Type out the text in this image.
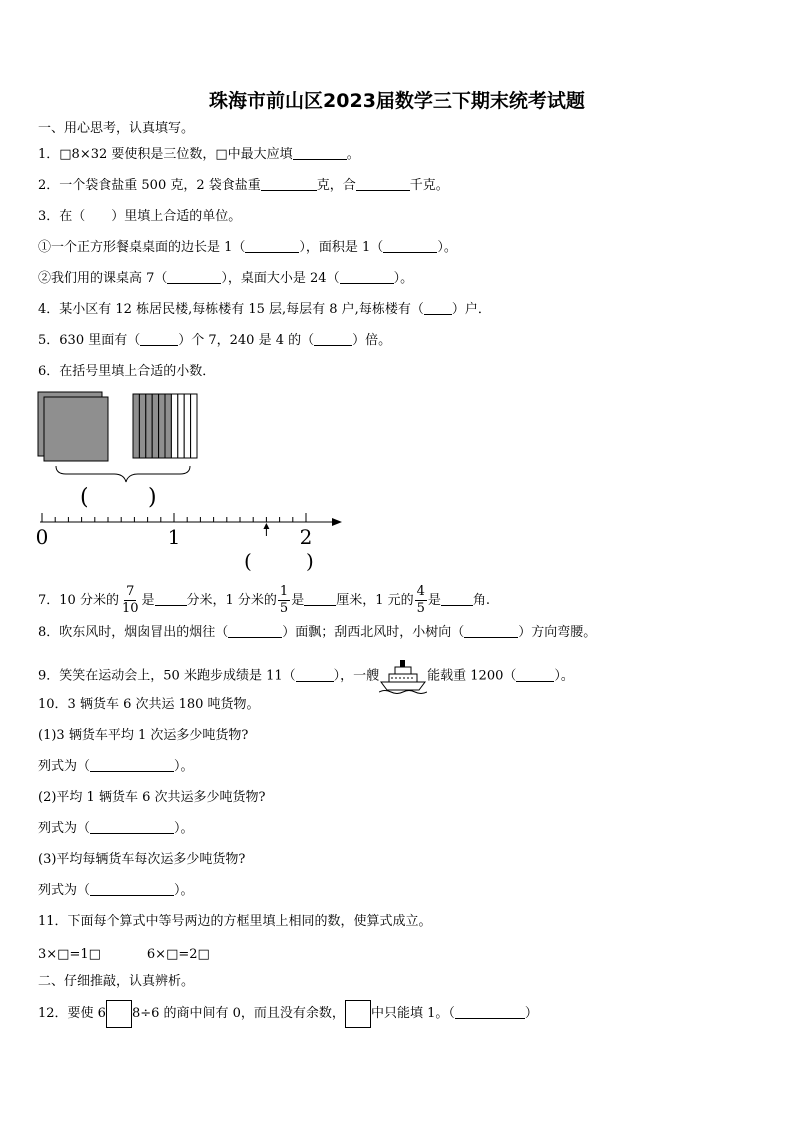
珠海市前山区2023届数学三下期末统考试题
一、用心思考，认真填写。
1．□8×32 要使积是三位数，□中最大应填	。
2．一个袋食盐重 500 克，2 袋食盐重	克，合	千克。
3．在（　　）里填上合适的单位。
①一个正方形餐桌桌面的边长是 1（	），面积是 1（	）。
②我们用的课桌高 7（	），桌面大小是 24（	）。
4．某小区有 12 栋居民楼,每栋楼有 15 层,每层有 8 户,每栋楼有（ ）户．
5．630 里面有（	）个 7，240 是 4 的（	）倍。
6．在括号里填上合适的小数．
(	)
0	1	2
(	)
7．10 分米的 $\frac{7}{10}$ 是 分米，1 分米的 $\frac{1}{5}$ 是 厘米，1 元的 $\frac{4}{5}$ 是 角.
8．吹东风时，烟囱冒出的烟往（	）面飘；刮西北风时，小树向（	）方向弯腰。
9．笑笑在运动会上，50 米跑步成绩是 11（	），一艘	能载重 1200（	）。
10．3 辆货车 6 次共运 180 吨货物。
(1)3 辆货车平均 1 次运多少吨货物?
列式为（	）。
(2)平均 1 辆货车 6 次共运多少吨货物?
列式为（	）。
(3)平均每辆货车每次运多少吨货物?
列式为（	）。
11．下面每个算式中等号两边的方框里填上相同的数，使算式成立。
3×□=1□	6×□=2□
二、仔细推敲，认真辨析。
12．要使 6 8÷6 的商中间有 0，而且没有余数， 中只能填 1。（	）
